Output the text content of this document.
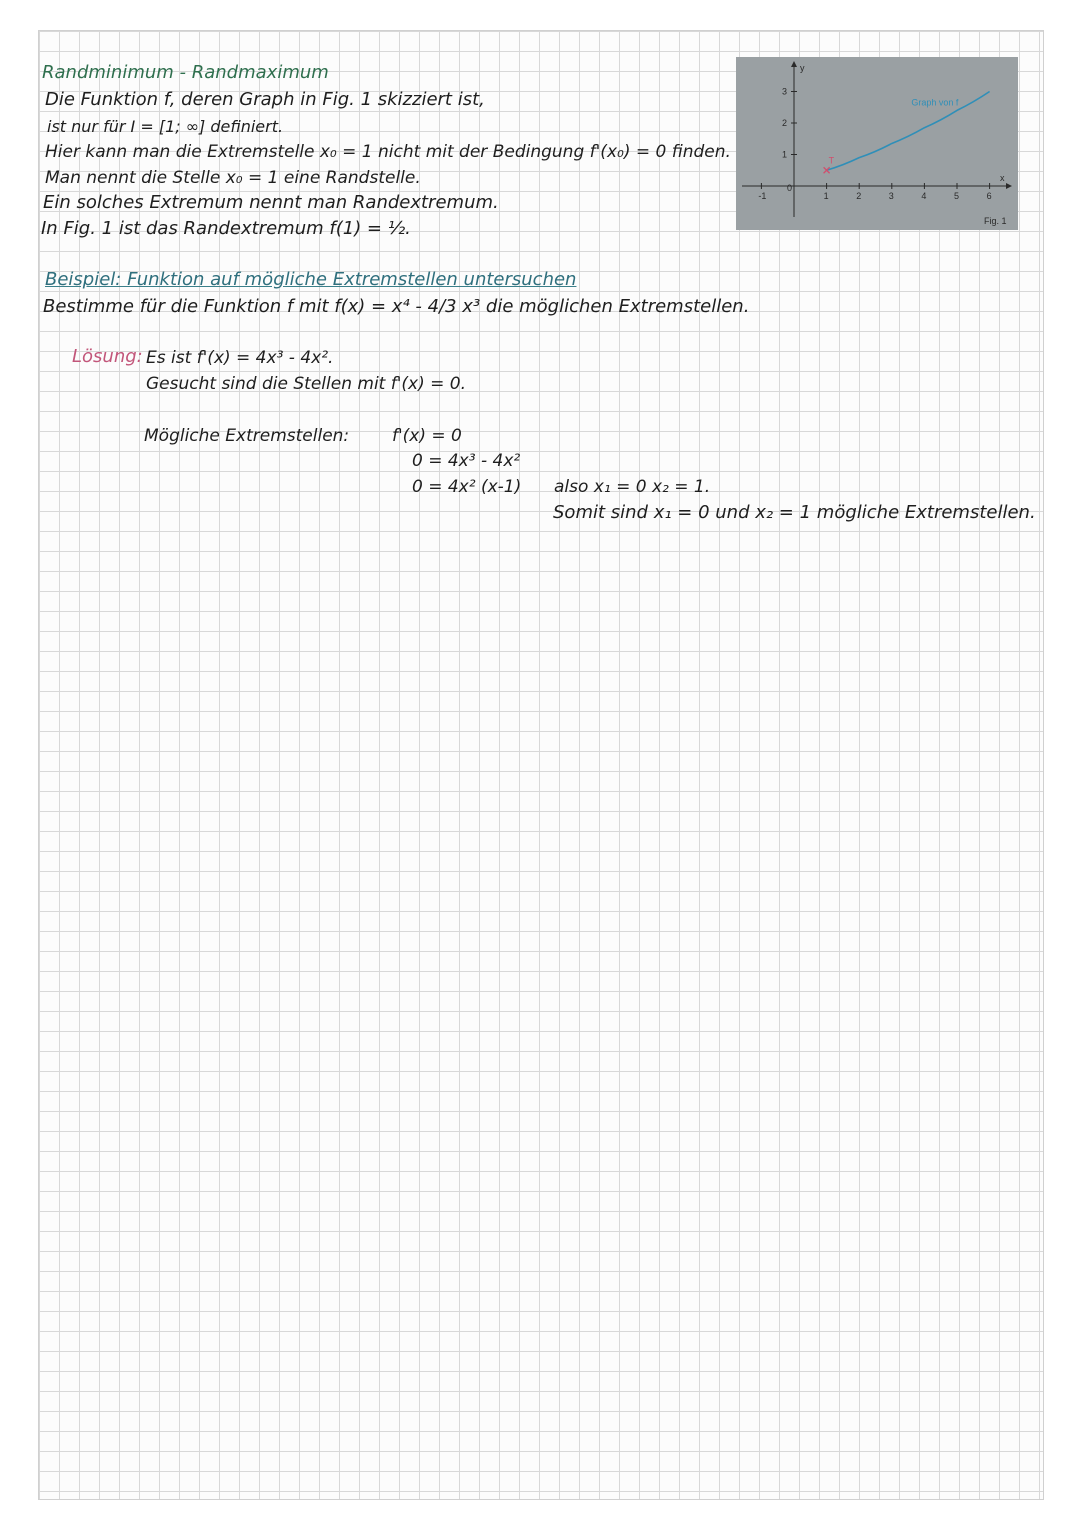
Randminimum - Randmaximum
Die Funktion f, deren Graph in Fig. 1 skizziert ist,
ist nur für I = [1; ∞] definiert.
Hier kann man die Extremstelle x₀ = 1 nicht mit der Bedingung f'(x₀) = 0 finden.
Man nennt die Stelle x₀ = 1 eine Randstelle.
Ein solches Extremum nennt man Randextremum.
In Fig. 1 ist das Randextremum f(1) = ½.
x
y
-1
0
1	2	3	4	5	6
1
2
3
Graph von f
T
Fig. 1
Beispiel: Funktion auf mögliche Extremstellen untersuchen
Bestimme für die Funktion f mit f(x) = x⁴ - 4/3 x³ die möglichen Extremstellen.
Lösung: Es ist f'(x) = 4x³ - 4x².
Gesucht sind die Stellen mit f'(x) = 0.
Mögliche Extremstellen:	f'(x) = 0
0 = 4x³ - 4x²
0 = 4x² (x-1) also x₁ = 0 x₂ = 1.
Somit sind x₁ = 0 und x₂ = 1 mögliche Extremstellen.
